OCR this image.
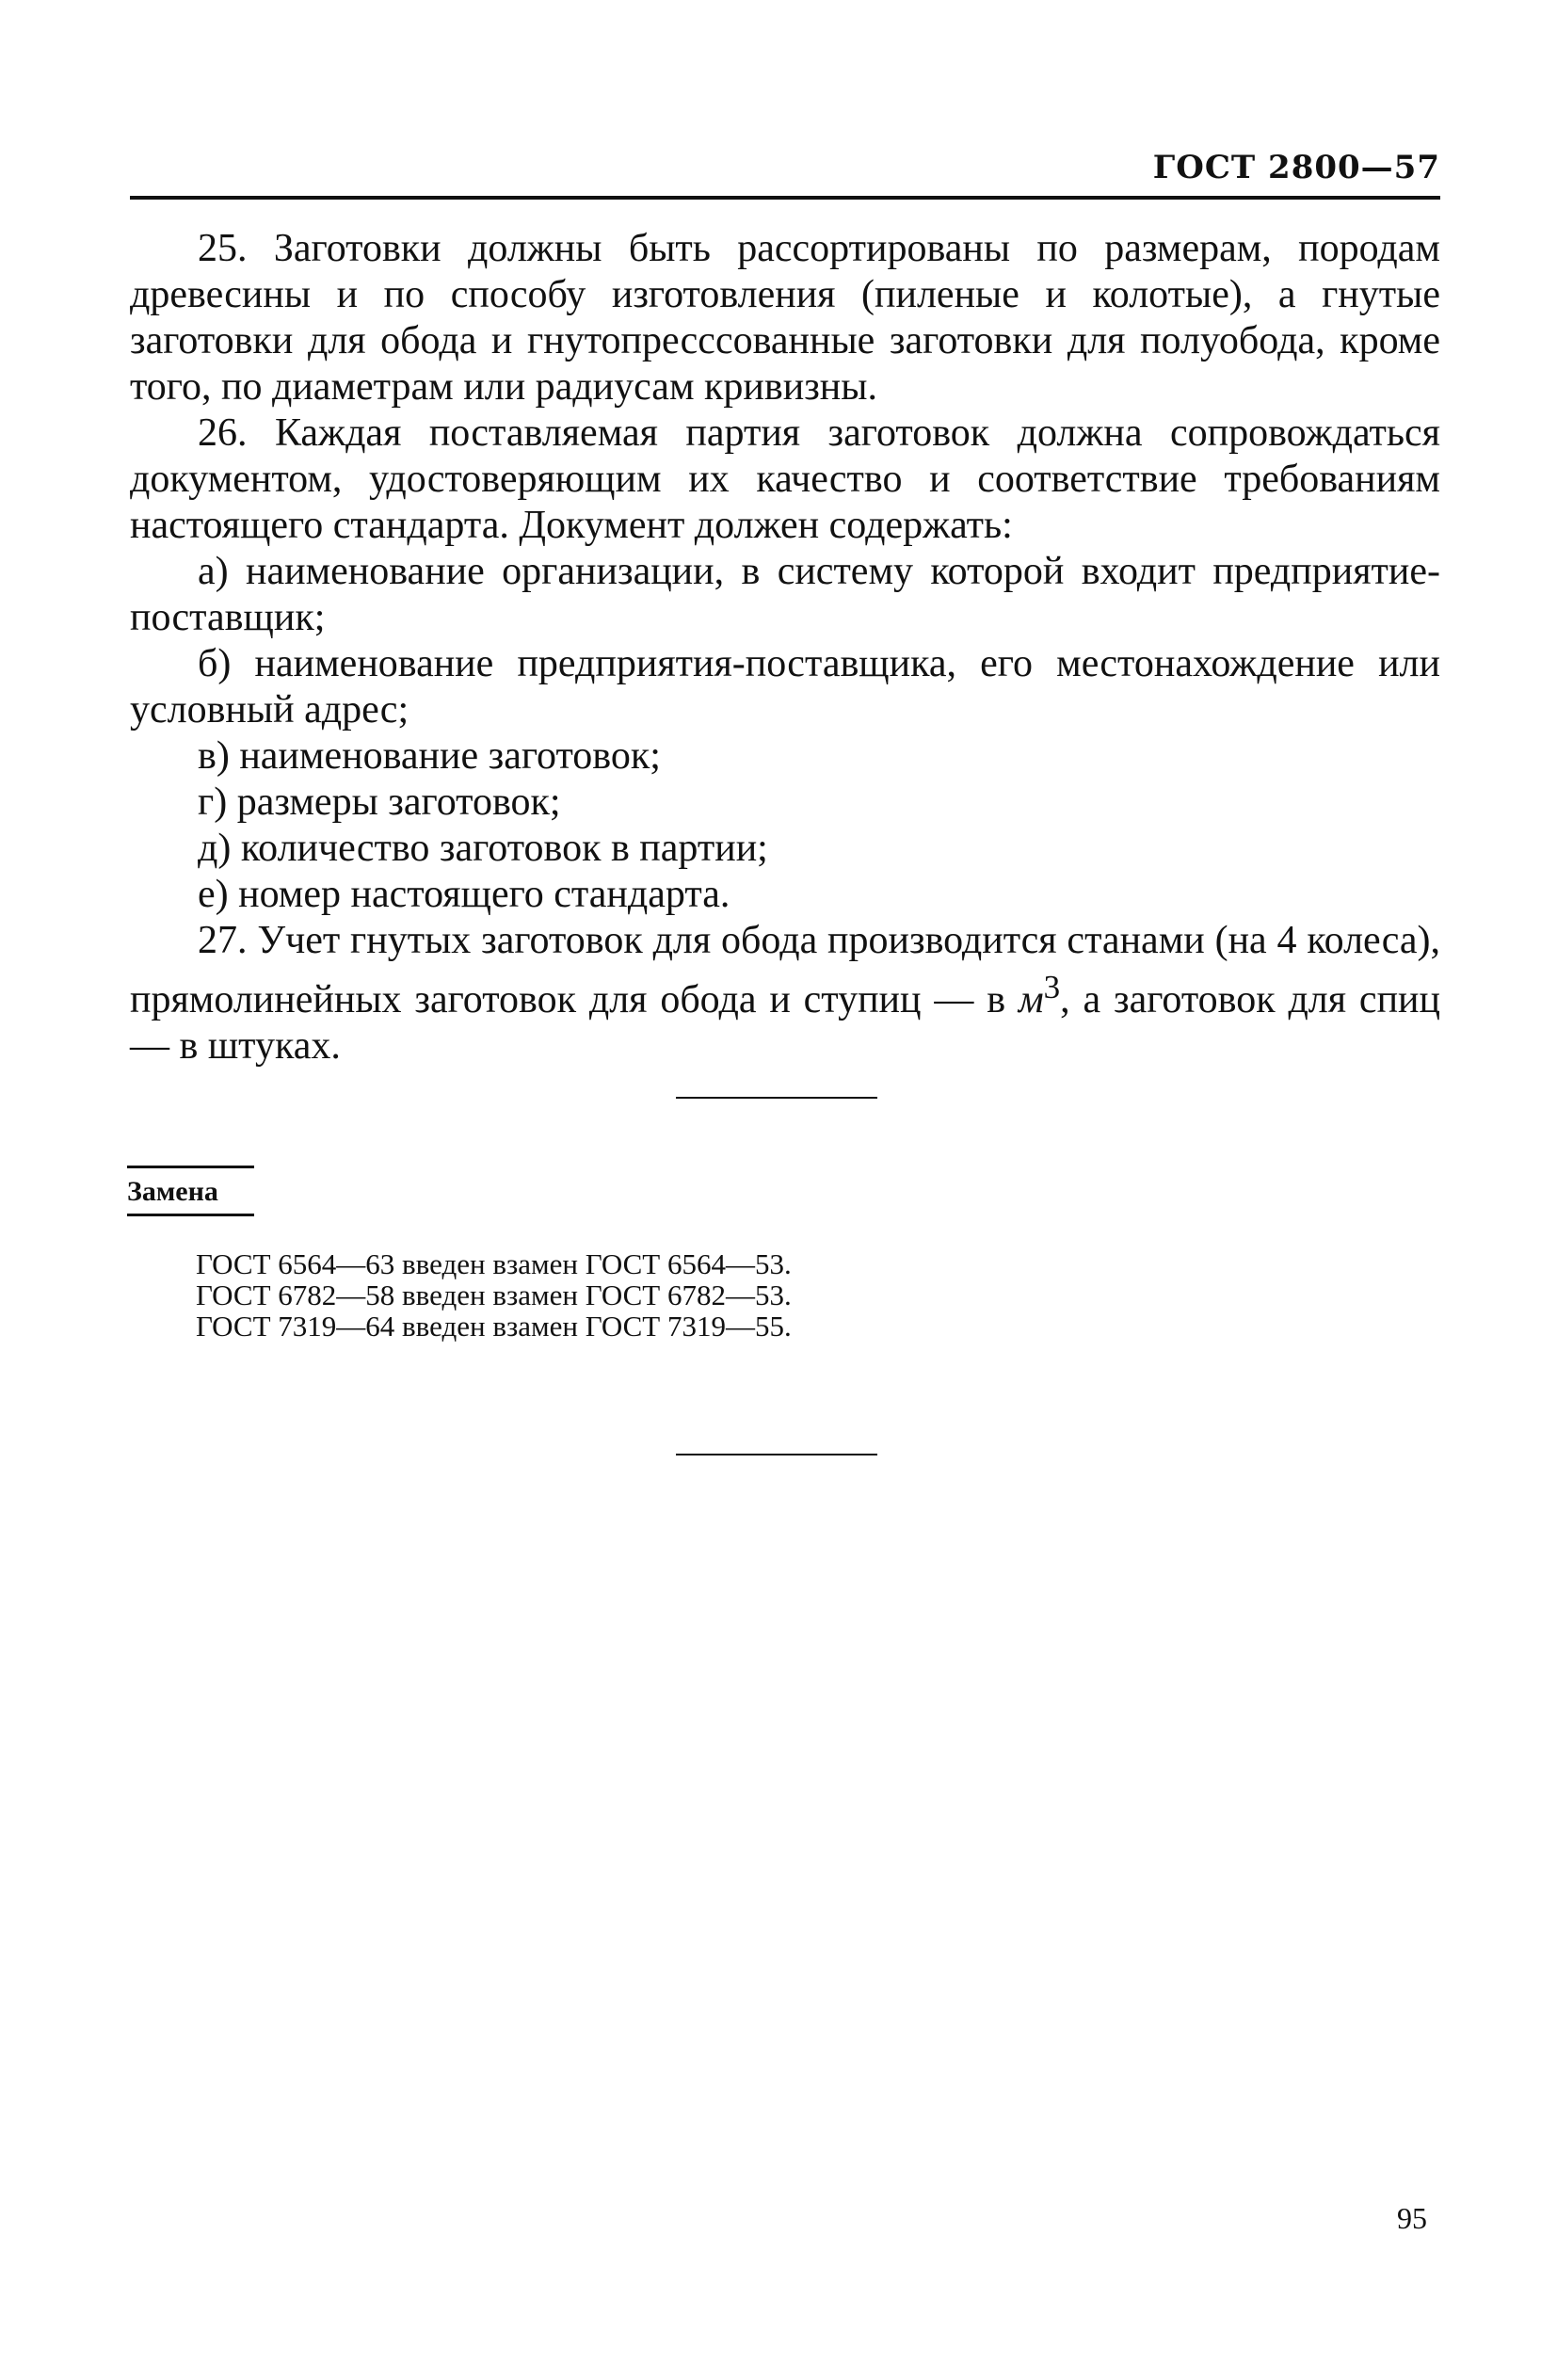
ГОСТ 2800—57

25. Заготовки должны быть рассортированы по размерам, породам древесины и по способу изготовления (пиленые и колотые), а гнутые заготовки для обода и гнутопресссованные заготовки для полуобода, кроме того, по диаметрам или радиусам кривизны.

26. Каждая поставляемая партия заготовок должна сопровождаться документом, удостоверяющим их качество и соответствие требованиям настоящего стандарта. Документ должен содержать:

а) наименование организации, в систему которой входит предприятие-поставщик;

б) наименование предприятия-поставщика, его местонахождение или условный адрес;

в) наименование заготовок;

г) размеры заготовок;

д) количество заготовок в партии;

е) номер настоящего стандарта.

27. Учет гнутых заготовок для обода производится станами (на 4 колеса), прямолинейных заготовок для обода и ступиц — в $м^3$, а заготовок для спиц — в штуках.

Замена
ГОСТ 6564—63 введен взамен ГОСТ 6564—53.
ГОСТ 6782—58 введен взамен ГОСТ 6782—53.
ГОСТ 7319—64 введен взамен ГОСТ 7319—55.
95
